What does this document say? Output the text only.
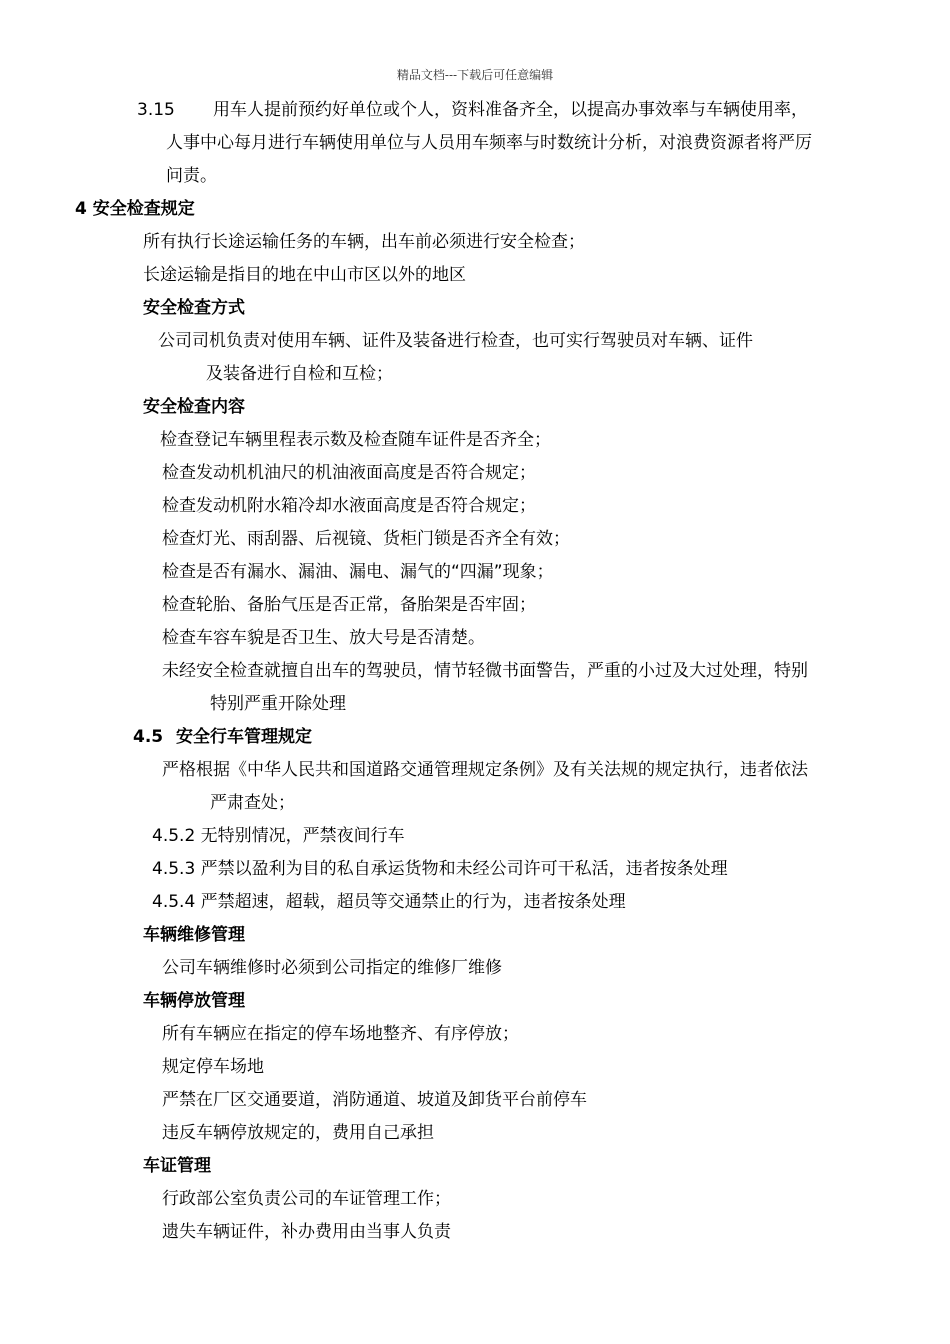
精品文档---下载后可任意编辑
3.15 用车人提前预约好单位或个人，资料准备齐全，以提高办事效率与车辆使用率，
人事中心每月进行车辆使用单位与人员用车频率与时数统计分析，对浪费资源者将严厉
问责。
4 安全检查规定
所有执行长途运输任务的车辆，出车前必须进行安全检查；
长途运输是指目的地在中山市区以外的地区
安全检查方式
公司司机负责对使用车辆、证件及装备进行检查，也可实行驾驶员对车辆、证件
及装备进行自检和互检；
安全检查内容
检查登记车辆里程表示数及检查随车证件是否齐全；
检查发动机机油尺的机油液面高度是否符合规定；
检查发动机附水箱冷却水液面高度是否符合规定；
检查灯光、雨刮器、后视镜、货柜门锁是否齐全有效；
检查是否有漏水、漏油、漏电、漏气的“四漏”现象；
检查轮胎、备胎气压是否正常，备胎架是否牢固；
检查车容车貌是否卫生、放大号是否清楚。
未经安全检查就擅自出车的驾驶员，情节轻微书面警告，严重的小过及大过处理，特别
特别严重开除处理
4.5 安全行车管理规定
严格根据《中华人民共和国道路交通管理规定条例》及有关法规的规定执行，违者依法
严肃查处；
4.5.2 无特别情况，严禁夜间行车
4.5.3 严禁以盈利为目的私自承运货物和未经公司许可干私活，违者按条处理
4.5.4 严禁超速，超载，超员等交通禁止的行为，违者按条处理
车辆维修管理
公司车辆维修时必须到公司指定的维修厂维修
车辆停放管理
所有车辆应在指定的停车场地整齐、有序停放；
规定停车场地
严禁在厂区交通要道，消防通道、坡道及卸货平台前停车
违反车辆停放规定的，费用自己承担
车证管理
行政部公室负责公司的车证管理工作；
遗失车辆证件，补办费用由当事人负责
